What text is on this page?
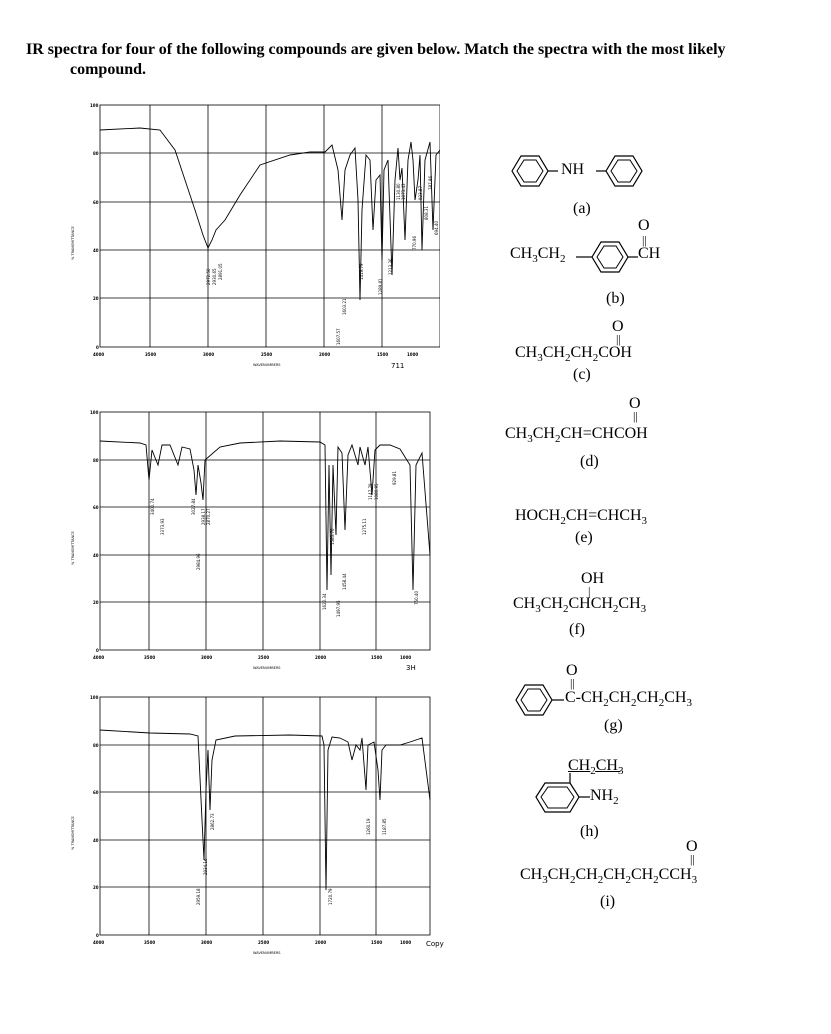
IR spectra for four of the following compounds are given below. Match the spectra with the most likely
compound.
100
80
60
40
20
0
4000	3500	3000	2500	2000	1500	1000
% TRANSMITTANCE
WAVENUMBERS
2972.56 2930.65 2891.05
1607.57
1603.21
1419.79
1289.81
1213.36
1130.80 1073.43
770.96
923.87
808.31
787.86
694.40
711
100
80
60
40
20
0
4000	3500	3000	2500	2000	1500	1000
% TRANSMITTANCE
WAVENUMBERS
3400.74
3373.93
3027.84
2984.96
2938.17 2870.27
1622.34
1583.70
1497.95
1458.44
1275.11
1147.79 1080.95
929.81
750.40
3H
100
80
60
40
20
0
4000	3500	3000	2500	2000	1500	1000
% TRANSMITTANCE
WAVENUMBERS
2959.18
2934.16
2862.73
1720.79
1260.19	1187.85
Copy
NH
(a)
$CH_3CH_2$
O
||
CH
(b)
O
||
$CH_3CH_2CH_2COH$
(c)
O
||
$CH_3CH_2CH=CHCOH$
(d)
$HOCH_2CH=CHCH_3$
(e)
OH
|
$CH_3CH_2CHCH_2CH_3$
(f)
O
||
$C-CH_2CH_2CH_2CH_3$
(g)
$CH_2CH_3$
$NH_2$
(h)
O
||
$CH_3CH_2CH_2CH_2CH_2CCH_3$
(i)
